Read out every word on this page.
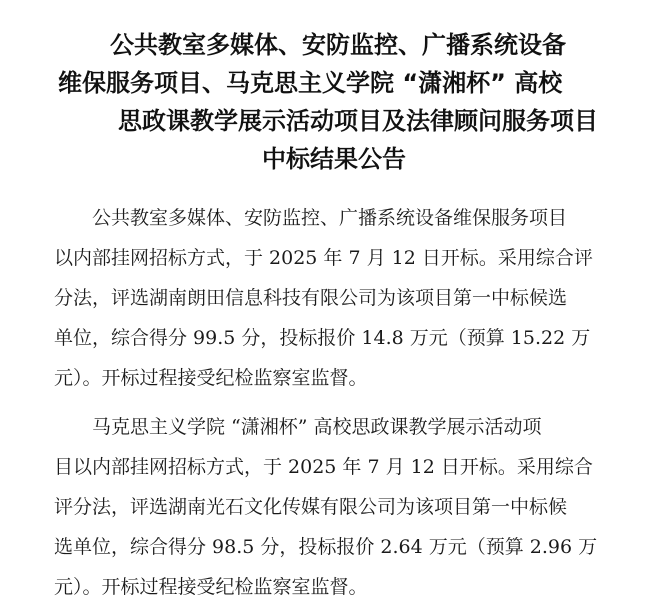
公共教室多媒体、安防监控、广播系统设备
维保服务项目、马克思主义学院 “潇湘杯” 高校
思政课教学展示活动项目及法律顾问服务项目
中标结果公告
公共教室多媒体、安防监控、广播系统设备维保服务项目
以内部挂网招标方式，于 2025 年 7 月 12 日开标。采用综合评
分法，评选湖南朗田信息科技有限公司为该项目第一中标候选
单位，综合得分 99.5 分，投标报价 14.8 万元（预算 15.22 万
元）。开标过程接受纪检监察室监督。
马克思主义学院 “潇湘杯” 高校思政课教学展示活动项
目以内部挂网招标方式，于 2025 年 7 月 12 日开标。采用综合
评分法，评选湖南光石文化传媒有限公司为该项目第一中标候
选单位，综合得分 98.5 分，投标报价 2.64 万元（预算 2.96 万
元）。开标过程接受纪检监察室监督。
